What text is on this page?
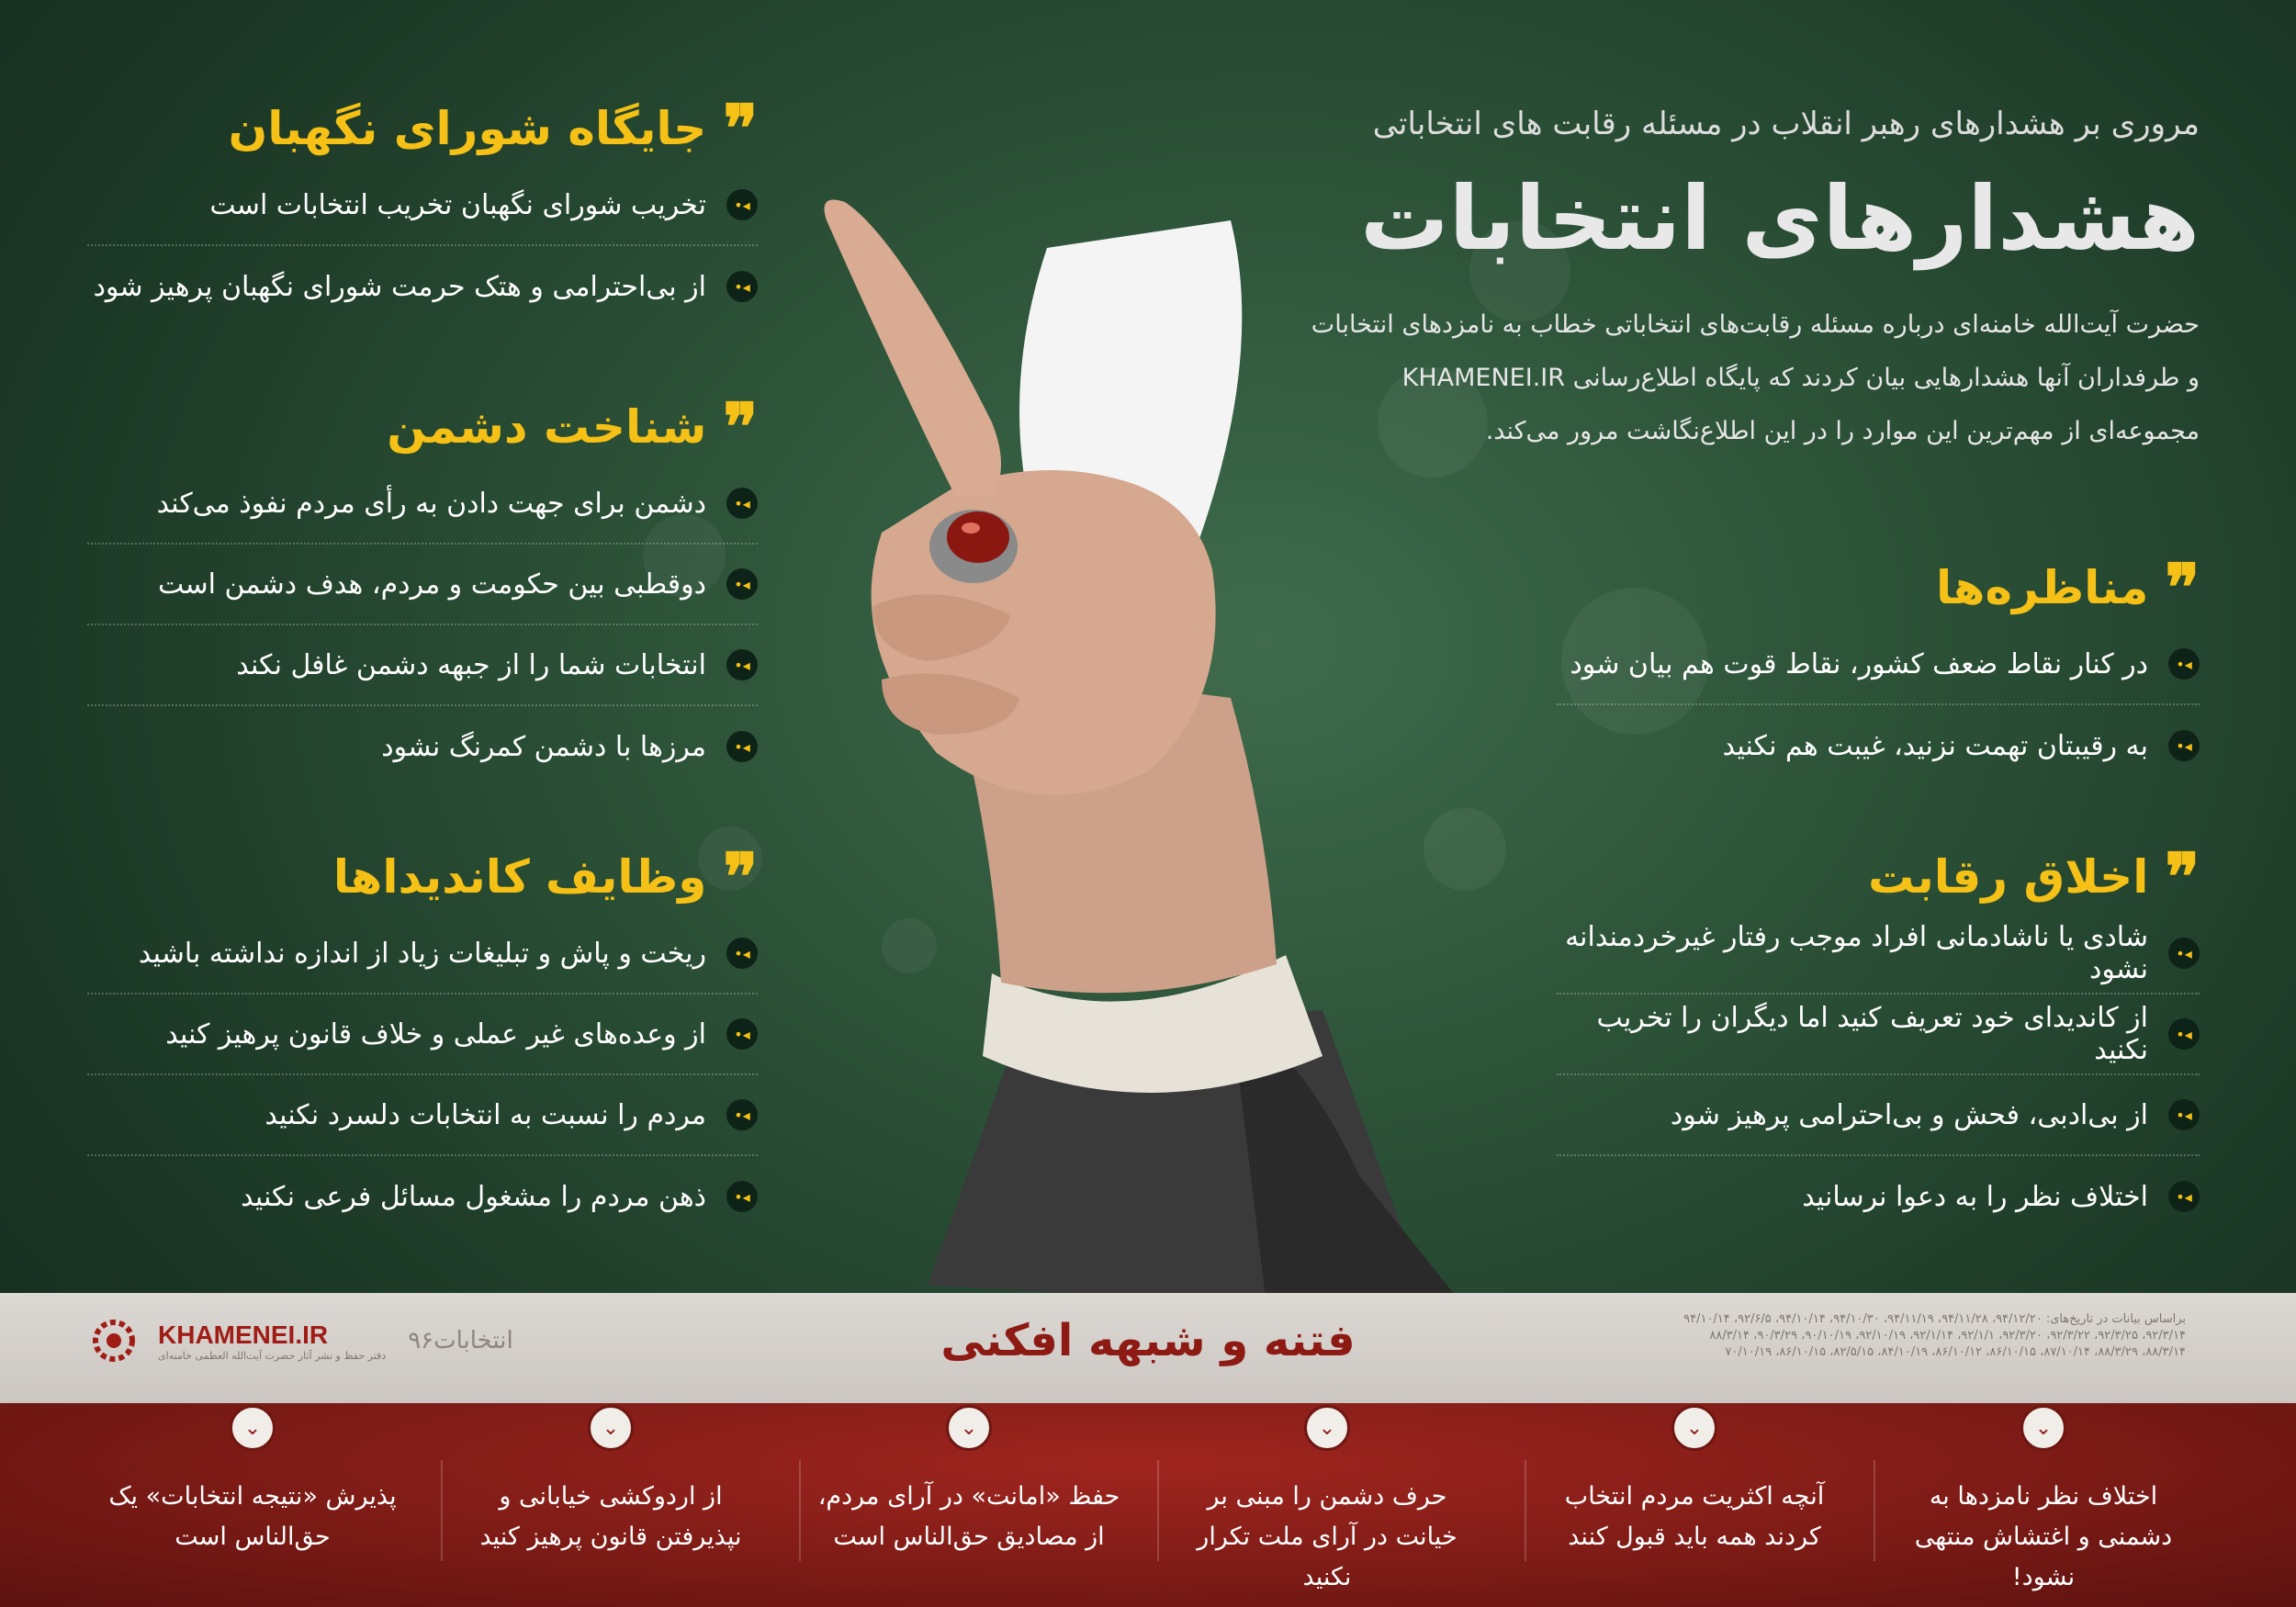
مروری بر هشدارهای رهبر انقلاب در مسئله رقابت های انتخاباتی
هشدارهای انتخابات
حضرت آیت‌الله خامنه‌ای درباره مسئله رقابت‌های انتخاباتی خطاب به نامزدهای انتخابات
و طرفداران آنها هشدارهایی بیان کردند که پایگاه اطلاع‌رسانی KHAMENEI.IR
مجموعه‌ای از مهم‌ترین این موارد را در این اطلاع‌نگاشت مرور می‌کند.
❞
جایگاه شورای نگهبان
◂•
تخریب شورای نگهبان تخریب انتخابات است
◂•
از بی‌احترامی و هتک حرمت شورای نگهبان پرهیز شود
❞
شناخت دشمن
◂•
دشمن برای جهت دادن به رأی مردم نفوذ می‌کند
◂•
دوقطبی بین حکومت و مردم، هدف دشمن است
◂•
انتخابات شما را از جبهه دشمن غافل نکند
◂•
مرزها با دشمن کمرنگ نشود
❞
وظایف کاندیداها
◂•
ریخت و پاش و تبلیغات زیاد از اندازه نداشته باشید
◂•
از وعده‌های غیر عملی و خلاف قانون پرهیز کنید
◂•
مردم را نسبت به انتخابات دلسرد نکنید
◂•
ذهن مردم را مشغول مسائل فرعی نکنید
❞
مناظره‌ها
◂•
در کنار نقاط ضعف کشور، نقاط قوت هم بیان شود
◂•
به رقیبتان تهمت نزنید، غیبت هم نکنید
❞
اخلاق رقابت
◂•
شادی یا ناشادمانی افراد موجب رفتار غیرخردمندانه نشود
◂•
از کاندیدای خود تعریف کنید اما دیگران را تخریب نکنید
◂•
از بی‌ادبی، فحش و بی‌احترامی پرهیز شود
◂•
اختلاف نظر را به دعوا نرسانید
فتنه و شبهه افکنی	براساس بیانات در تاریخ‌های: ۹۴/۱۲/۲۰، ۹۴/۱۱/۲۸، ۹۴/۱۱/۱۹، ۹۴/۱۰/۳۰، ۹۴/۱۰/۱۴، ۹۲/۶/۵، ۹۴/۱۰/۱۴
۹۲/۳/۱۴، ۹۲/۳/۲۵، ۹۲/۳/۲۲، ۹۲/۳/۲۰، ۹۲/۱/۱، ۹۲/۱/۱۴، ۹۲/۱۰/۱۹، ۹۰/۱۰/۱۹، ۹۰/۳/۲۹، ۸۸/۳/۱۴
۸۸/۳/۱۴، ۸۸/۳/۲۹، ۸۷/۱۰/۱۴، ۸۶/۱۰/۱۵، ۸۶/۱۰/۱۲، ۸۴/۱۰/۱۹، ۸۲/۵/۱۵، ۸۶/۱۰/۱۵، ۷۰/۱۰/۱۹
KHAMENEI.IR
دفتر حفظ و نشر آثار حضرت آیت‌الله العظمی خامنه‌ای
انتخابات۹۶
⌄
اختلاف نظر نامزدها به دشمنی و اغتشاش منتهی نشود!
⌄
آنچه اکثریت مردم انتخاب کردند همه باید قبول کنند
⌄
حرف دشمن را مبنی بر خیانت در آرای ملت تکرار نکنید
⌄
حفظ «امانت» در آرای مردم، از مصادیق حق‌الناس است
⌄
از اردوکشی خیابانی و نپذیرفتن قانون پرهیز کنید
⌄
پذیرش «نتیجه انتخابات» یک حق‌الناس است
